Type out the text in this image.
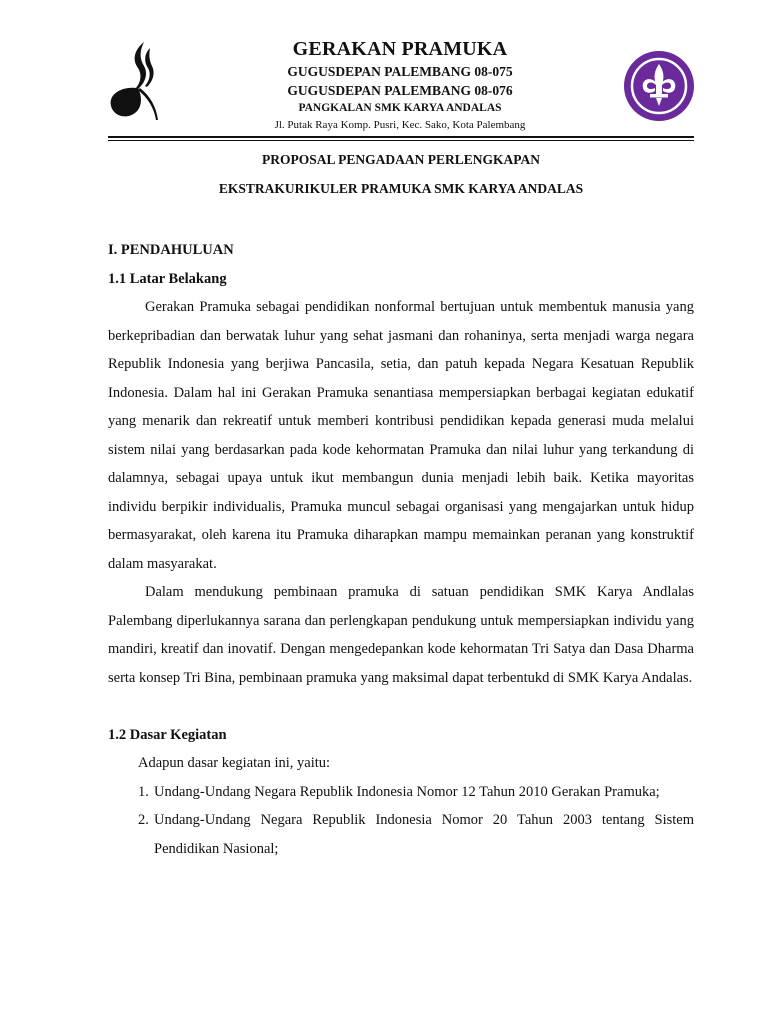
GERAKAN PRAMUKA
GUGUSDEPAN PALEMBANG 08-075
GUGUSDEPAN PALEMBANG 08-076
PANGKALAN SMK KARYA ANDALAS
Jl. Putak Raya Komp. Pusri, Kec. Sako, Kota Palembang
PROPOSAL PENGADAAN PERLENGKAPAN
EKSTRAKURIKULER PRAMUKA SMK KARYA ANDALAS
I. PENDAHULUAN
1.1 Latar Belakang

Gerakan Pramuka sebagai pendidikan nonformal bertujuan untuk membentuk manusia yang berkepribadian dan berwatak luhur yang sehat jasmani dan rohaninya, serta menjadi warga negara Republik Indonesia yang berjiwa Pancasila, setia, dan patuh kepada Negara Kesatuan Republik Indonesia. Dalam hal ini Gerakan Pramuka senantiasa mempersiapkan berbagai kegiatan edukatif yang menarik dan rekreatif untuk memberi kontribusi pendidikan kepada generasi muda melalui sistem nilai yang berdasarkan pada kode kehormatan Pramuka dan nilai luhur yang terkandung di dalamnya, sebagai upaya untuk ikut membangun dunia menjadi lebih baik. Ketika mayoritas individu berpikir individualis, Pramuka muncul sebagai organisasi yang mengajarkan untuk hidup bermasyarakat, oleh karena itu Pramuka diharapkan mampu memainkan peranan yang konstruktif dalam masyarakat.

Dalam mendukung pembinaan pramuka di satuan pendidikan SMK Karya Andlalas Palembang diperlukannya sarana dan perlengkapan pendukung untuk mempersiapkan individu yang mandiri, kreatif dan inovatif. Dengan mengedepankan kode kehormatan Tri Satya dan Dasa Dharma serta konsep Tri Bina, pembinaan pramuka yang maksimal dapat terbentukd di SMK Karya Andalas.

1.2 Dasar Kegiatan

Adapun dasar kegiatan ini, yaitu:

1. Undang-Undang Negara Republik Indonesia Nomor 12 Tahun 2010 Gerakan Pramuka;
2. Undang-Undang Negara Republik Indonesia Nomor 20 Tahun 2003 tentang Sistem Pendidikan Nasional;
